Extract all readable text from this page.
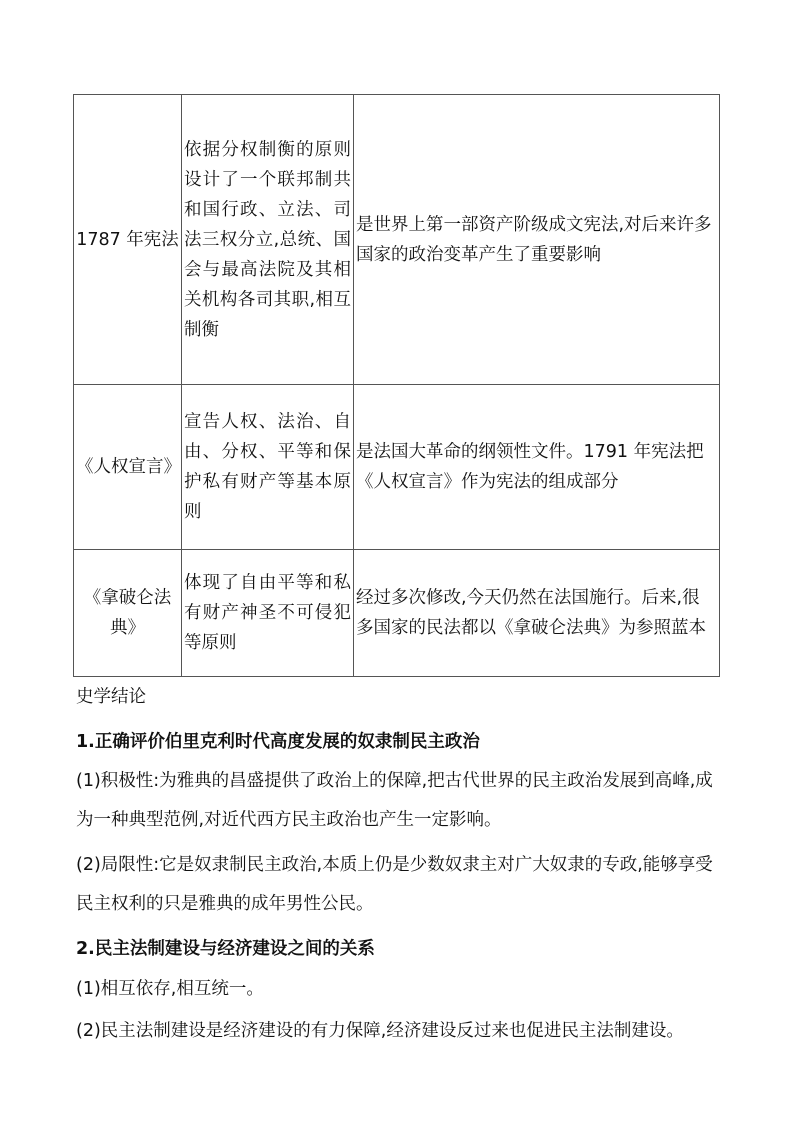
1787 年宪法	依据分权制衡的原则设计了一个联邦制共和国行政、立法、司法三权分立,总统、国会与最高法院及其相关机构各司其职,相互制衡	是世界上第一部资产阶级成文宪法,对后来许多国家的政治变革产生了重要影响
《人权宣言》	宣告人权、法治、自由、分权、平等和保护私有财产等基本原则	是法国大革命的纲领性文件。1791 年宪法把《人权宣言》作为宪法的组成部分
《拿破仑法典》	体现了自由平等和私有财产神圣不可侵犯等原则	经过多次修改,今天仍然在法国施行。后来,很多国家的民法都以《拿破仑法典》为参照蓝本
史学结论
1.正确评价伯里克利时代高度发展的奴隶制民主政治
(1)积极性:为雅典的昌盛提供了政治上的保障,把古代世界的民主政治发展到高峰,成为一种典型范例,对近代西方民主政治也产生一定影响。
(2)局限性:它是奴隶制民主政治,本质上仍是少数奴隶主对广大奴隶的专政,能够享受民主权利的只是雅典的成年男性公民。
2.民主法制建设与经济建设之间的关系
(1)相互依存,相互统一。
(2)民主法制建设是经济建设的有力保障,经济建设反过来也促进民主法制建设。
